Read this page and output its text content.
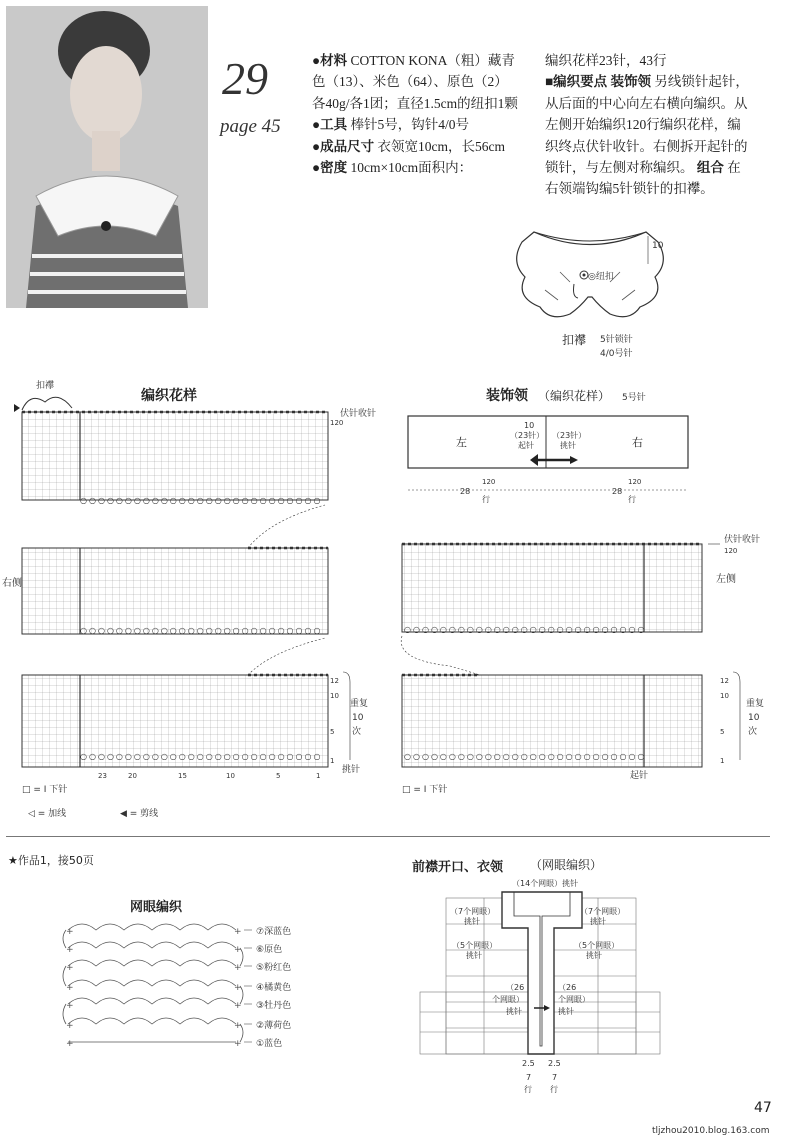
29
page 45
●材料 COTTON KONA（粗）藏青色（13）、米色（64）、原色（2）各40g/各1团；直径1.5cm的纽扣1颗
●工具 棒针5号，钩针4/0号
●成品尺寸 衣领宽10cm，长56cm
●密度 10cm×10cm面积内：
编织花样23针，43行
■编织要点 装饰领 另线锁针起针，从后面的中心向左右横向编织。从左侧开始编织120行编织花样，编织终点伏针收针。右侧拆开起针的锁针，与左侧对称编织。 组合 在右领端钩编5针锁针的扣襻。
10
◎纽扣
扣襻 5针锁针
4/0号针
编织花样
扣襻
伏针收针
120
○○○○○○○○○○○○○○○○○○○○○○○○○○○
○○○○○○○○○○○○○○○○○○○○○○○○○○○
右侧
○○○○○○○○○○○○○○○○○○○○○○○○○○○
12
10
5
1
重复
10
次
挑针
23	20	15	10	5	1
□ = Ⅰ 下针
◁ = 加线	◀ = 剪线
装饰领 （编织花样） 5号针
左	右
10
（23针）
起针
（23针）
挑针
28
120
行
28
120
行
○○○○○○○○○○○○○○○○○○○○○○○○○○○
伏针收针
120
左侧
○○○○○○○○○○○○○○○○○○○○○○○○○○○
12
10
5
1
重复
10
次
起针
□ = Ⅰ 下针
★作品1，接50页
网眼编织
+
+
+
+
+
+
+
+
+
+
+
+
+
+
⑦深蓝色
⑥原色
⑤粉红色
④橘黄色
③牡丹色
②薄荷色
①蓝色
前襟开口、衣领 （网眼编织）
（14个网眼）挑针
（7个网眼）
挑针
（7个网眼）
挑针
（5个网眼）
挑针
（5个网眼）
挑针
（26
个网眼）
挑针
（26
个网眼）
挑针
2.5 2.5
7	7
行 行
47
tljzhou2010.blog.163.com
